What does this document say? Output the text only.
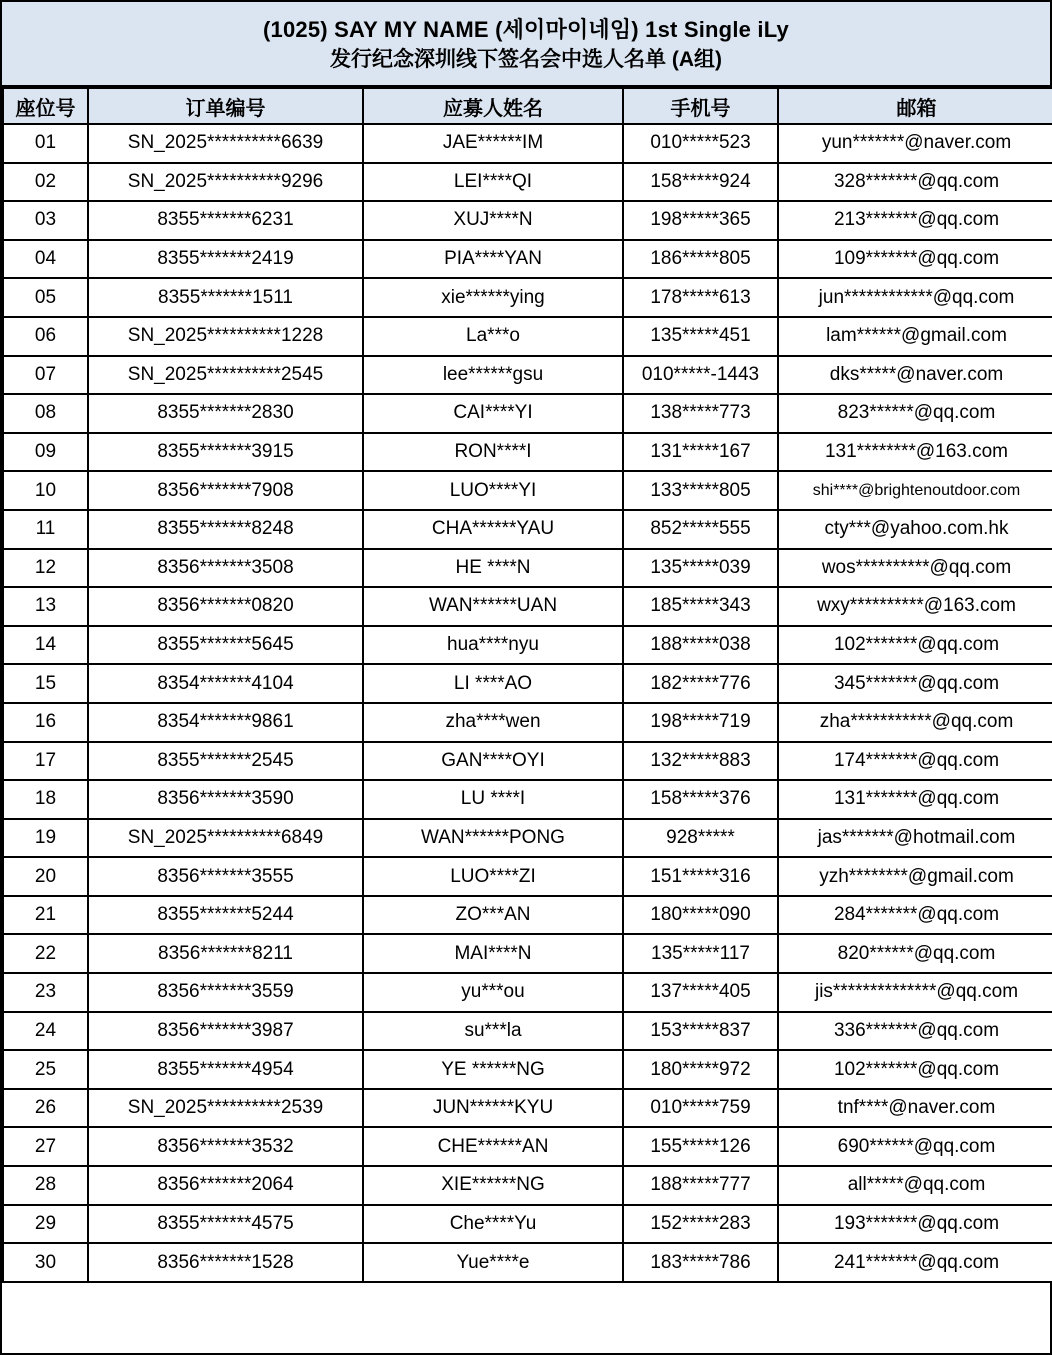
(1025) SAY MY NAME (세이마이네임) 1st Single iLy
发行纪念深圳线下签名会中选人名单 (A组)
座位号	订单编号	应募人姓名	手机号	邮箱
01	SN_2025**********6639	JAE******IM	010*****523	yun*******@naver.com
02	SN_2025**********9296	LEI****QI	158*****924	328*******@qq.com
03	8355*******6231	XUJ****N	198*****365	213*******@qq.com
04	8355*******2419	PIA****YAN	186*****805	109*******@qq.com
05	8355*******1511	xie******ying	178*****613	jun************@qq.com
06	SN_2025**********1228	La***o	135*****451	lam******@gmail.com
07	SN_2025**********2545	lee******gsu	010*****-1443	dks*****@naver.com
08	8355*******2830	CAI****YI	138*****773	823******@qq.com
09	8355*******3915	RON****I	131*****167	131********@163.com
10	8356*******7908	LUO****YI	133*****805	shi****@brightenoutdoor.com
11	8355*******8248	CHA******YAU	852*****555	cty***@yahoo.com.hk
12	8356*******3508	HE ****N	135*****039	wos**********@qq.com
13	8356*******0820	WAN******UAN	185*****343	wxy**********@163.com
14	8355*******5645	hua****nyu	188*****038	102*******@qq.com
15	8354*******4104	LI ****AO	182*****776	345*******@qq.com
16	8354*******9861	zha****wen	198*****719	zha***********@qq.com
17	8355*******2545	GAN****OYI	132*****883	174*******@qq.com
18	8356*******3590	LU ****I	158*****376	131*******@qq.com
19	SN_2025**********6849	WAN******PONG	928*****	jas*******@hotmail.com
20	8356*******3555	LUO****ZI	151*****316	yzh********@gmail.com
21	8355*******5244	ZO***AN	180*****090	284*******@qq.com
22	8356*******8211	MAI****N	135*****117	820******@qq.com
23	8356*******3559	yu***ou	137*****405	jis**************@qq.com
24	8356*******3987	su***la	153*****837	336*******@qq.com
25	8355*******4954	YE ******NG	180*****972	102*******@qq.com
26	SN_2025**********2539	JUN******KYU	010*****759	tnf****@naver.com
27	8356*******3532	CHE******AN	155*****126	690******@qq.com
28	8356*******2064	XIE******NG	188*****777	all*****@qq.com
29	8355*******4575	Che****Yu	152*****283	193*******@qq.com
30	8356*******1528	Yue****e	183*****786	241*******@qq.com
